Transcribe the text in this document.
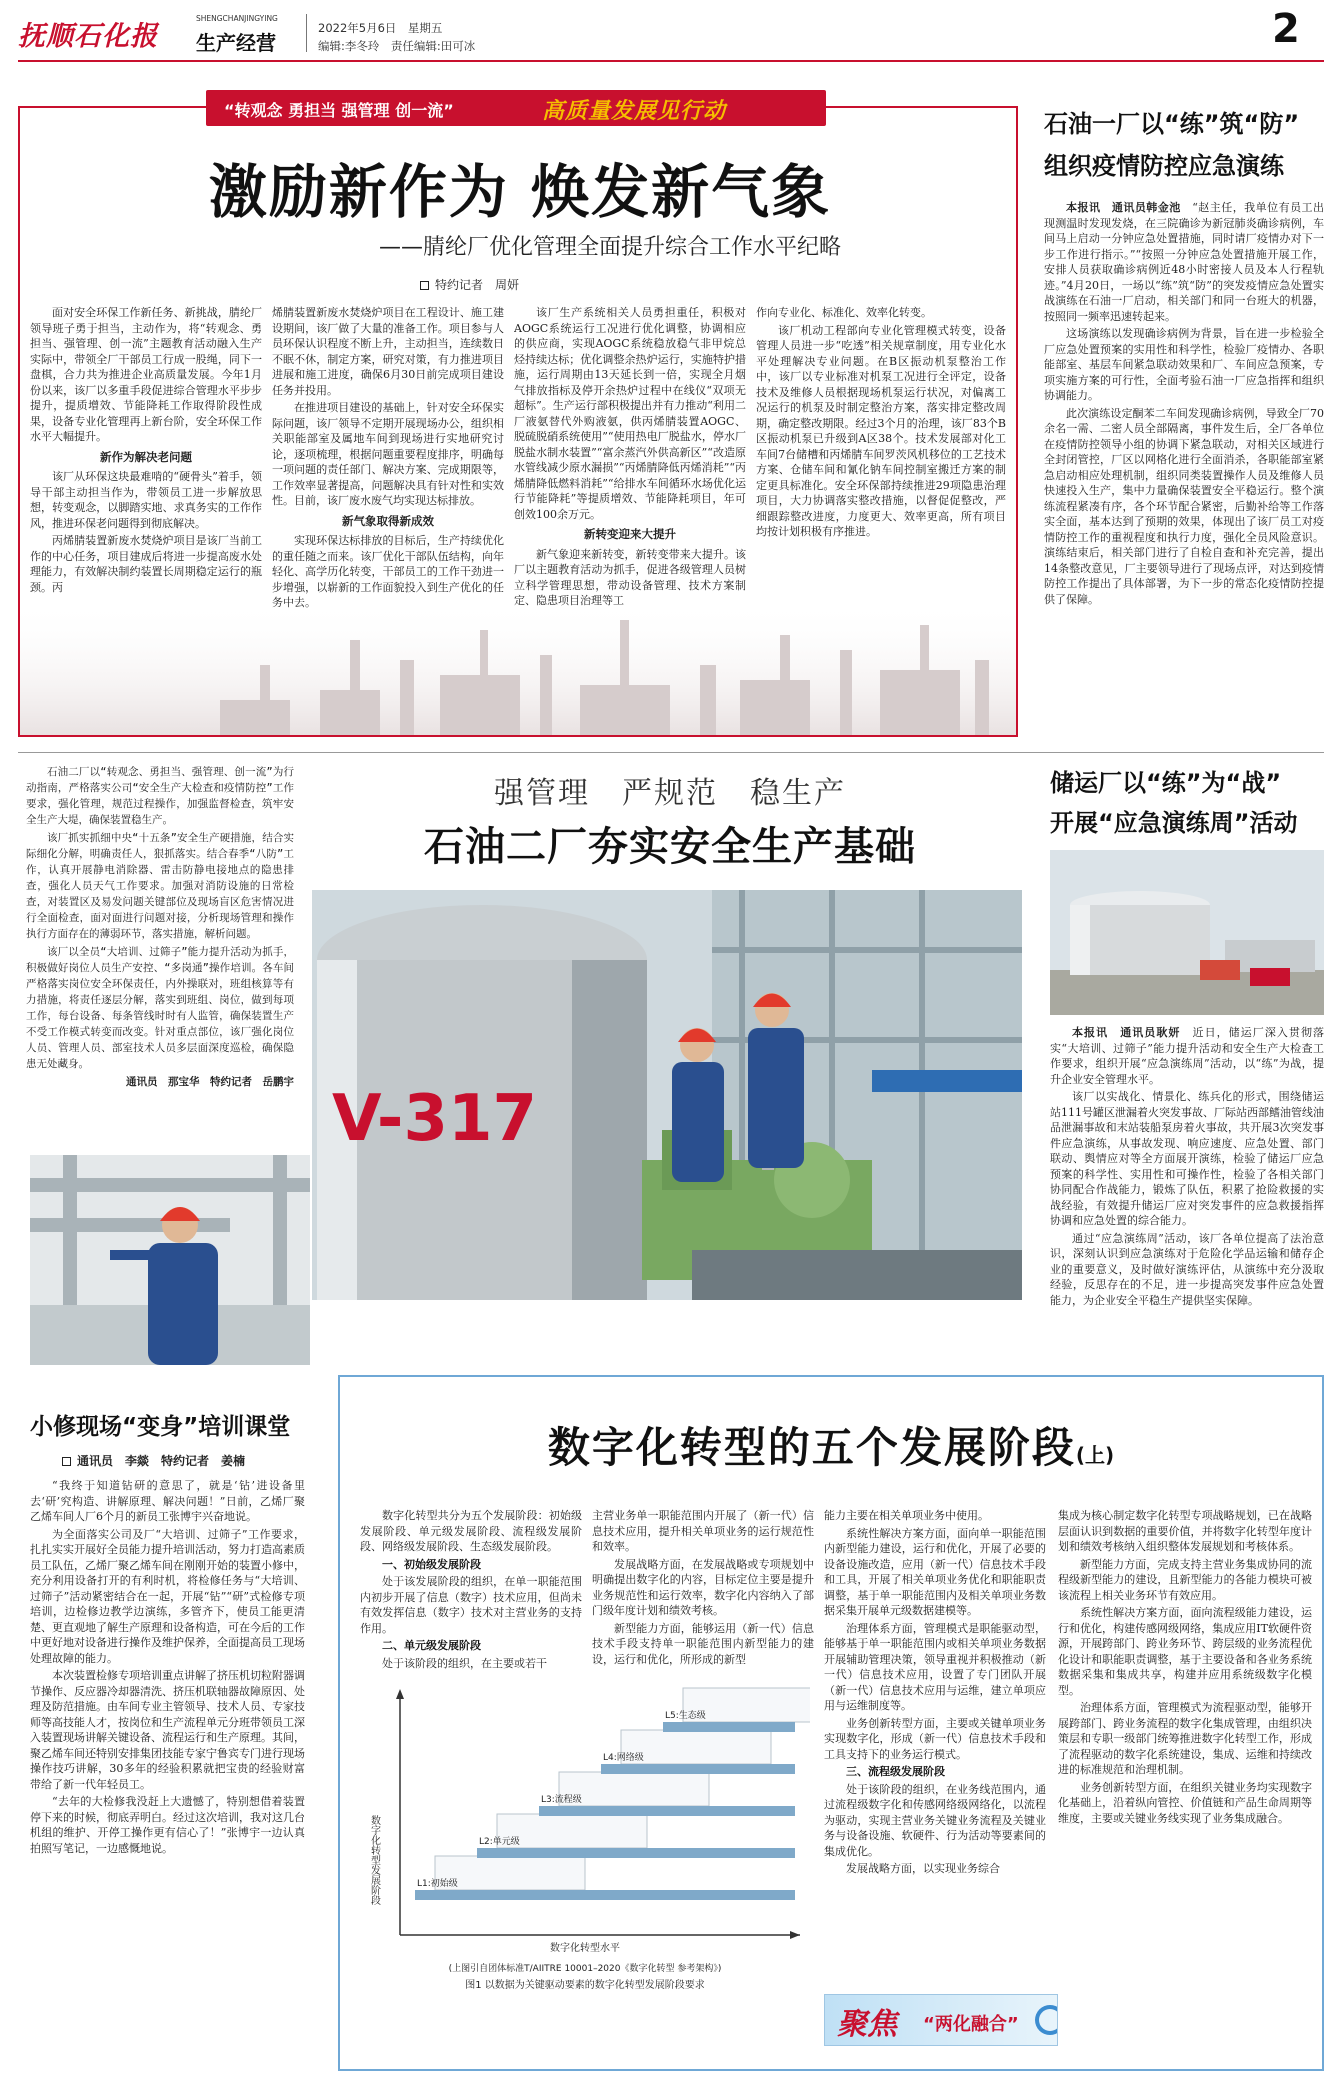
抚顺石化报
SHENGCHANJINGYING
生产经营
2022年5月6日　星期五
编辑:李冬玲　责任编辑:田可冰	2
“转观念 勇担当 强管理 创一流”	高质量发展见行动
激励新作为 焕发新气象
——腈纶厂优化管理全面提升综合工作水平纪略
特约记者　周妍

面对安全环保工作新任务、新挑战，腈纶厂领导班子勇于担当，主动作为，将“转观念、勇担当、强管理、创一流”主题教育活动融入生产实际中，带领全厂干部员工行成一股绳，同下一盘棋，合力共为推进企业高质量发展。今年1月份以来，该厂以多重手段促进综合管理水平步步提升，提质增效、节能降耗工作取得阶段性成果，设备专业化管理再上新台阶，安全环保工作水平大幅提升。

新作为解决老问题

该厂从环保这块最难啃的“硬骨头”着手，领导干部主动担当作为，带领员工进一步解放思想，转变观念，以脚踏实地、求真务实的工作作风，推进环保老问题得到彻底解决。

丙烯腈装置新废水焚烧炉项目是该厂当前工作的中心任务，项目建成后将进一步提高废水处理能力，有效解决制约装置长周期稳定运行的瓶颈。丙

烯腈装置新废水焚烧炉项目在工程设计、施工建设期间，该厂做了大量的准备工作。项目参与人员环保认识程度不断上升，主动担当，连续数日不眠不休，制定方案，研究对策，有力推进项目进展和施工进度，确保6月30日前完成项目建设任务并投用。

在推进项目建设的基础上，针对安全环保实际问题，该厂领导不定期开展现场办公，组织相关职能部室及属地车间到现场进行实地研究讨论，逐项梳理，根据问题重要程度排序，明确每一项问题的责任部门、解决方案、完成期限等，工作效率显著提高，问题解决具有针对性和实效性。目前，该厂废水废气均实现达标排放。

新气象取得新成效

实现环保达标排放的目标后，生产持续优化的重任随之而来。该厂优化干部队伍结构，向年轻化、高学历化转变，干部员工的工作干劲进一步增强，以崭新的工作面貌投入到生产优化的任

该厂生产系统相关人员勇担重任，积极对AOGC系统运行工况进行优化调整，协调相应的供应商，实现AOGC系统稳放稳气非甲烷总烃持续达标；优化调整余热炉运行，实施特护措施，运行周期由13天延长到一倍，实现全月烟气排放指标及停开余热炉过程中在线仪“双项无超标”。生产运行部积极提出并有力推动“利用二厂液氨替代外购液氨，供丙烯腈装置AOGC、脱硫脱硝系统使用”“使用热电厂脱盐水，停水厂脱盐水制水装置”“富余蒸汽外供高新区”“改造原水管线减少原水漏损”“丙烯腈降低丙烯消耗”“丙烯腈降低燃料消耗”“给排水车间循环水场优化运行节能降耗”等提质增效、节能降耗项目，年可创效100余万元。

新转变迎来大提升

新气象迎来新转变，新转变带来大提升。该厂以主题教育活动为抓手，促进各级管理人员树立科学管理思想，带动设备管理、技术方案制

作向专业化、标准化、效率化转变。

该厂机动工程部向专业化管理模式转变，设备管理人员进一步“吃透”相关规章制度，用专业化水平处理解决专业问题。在B区振动机泵整治工作中，该厂以专业标准对机泵工况进行全评定，设备技术及维修人员根据现场机泵运行状况，对偏离工况运行的机泵及时制定整治方案，落实排定整改周期，确定整改期限。经过3个月的治理，该厂83个B区振动机泵已升级到A区38个。技术发展部对化工车间7台储槽和丙烯腈车间罗茨风机移位的工艺技术方案、仓储车间和氰化钠车间控制室搬迁方案的制定更具标准化。安全环保部持续推进29项隐患治理项目，大力协调落实整改措施，以督促促整改，严细跟踪整改进度，力度更大、效率更高，所有项目均按计划积极有序推进。

石油一厂以“练”筑“防”
组织疫情防控应急演练

本报讯　通讯员韩金池　 “赵主任，我单位有员工出现测温时发现发烧，在三院确诊为新冠肺炎确诊病例，车间马上启动一分钟应急处置措施，同时请厂疫情办对下一步工作进行指示。”“按照一分钟应急处置措施开展工作，安排人员获取确诊病例近48小时密接人员及本人行程轨迹。”4月20日，一场以“练”筑“防”的突发疫情应急处置实战演练在石油一厂启动，相关部门和同一台班大的机器，按照同一频率迅速转起来。

这场演练以发现确诊病例为背景，旨在进一步检验全厂应急处置预案的实用性和科学性，检验厂疫情办、各职能部室、基层车间紧急联动效果和厂、车间应急预案，专项实施方案的可行性，全面考验石油一厂应急指挥和组织协调能力。

此次演练设定酮苯二车间发现确诊病例，导致全厂70余名一需、二密人员全部隔离，事件发生后，全厂各单位在疫情防控领导小组的协调下紧急联动，对相关区域进行全封闭管控，厂区以网格化进行全面消杀，各职能部室紧急启动相应处理机制，组织同类装置操作人员及维修人员快速投入生产，集中力量确保装置安全平稳运行。整个演练流程紧凑有序，各个环节配合紧密，后勤补给等工作落实全面，基本达到了预期的效果，体现出了该厂员工对疫情防控工作的重视程度和执行力度，强化全员风险意识。演练结束后，相关部门进行了自检自查和补充完善，提出14条整改意见，厂主要领导进行了现场点评，对达到疫情防控工作提出了具体部署，为下一步的常态化疫情防控提供了保障。

石油二厂以“转观念、勇担当、强管理、创一流”为行动指南，严格落实公司“安全生产大检查和疫情防控”工作要求，强化管理，规范过程操作，加强监督检查，筑牢安全生产大堤，确保装置稳生产。

该厂抓实抓细中央“十五条”安全生产硬措施，结合实际细化分解，明确责任人，狠抓落实。结合春季“八防”工作，认真开展静电消除器、雷击防静电接地点的隐患排查，强化人员天气工作要求。加强对消防设施的日常检查，对装置区及易发问题关键部位及现场盲区危害情况进行全面检查，面对面进行问题对接，分析现场管理和操作执行方面存在的薄弱环节，落实措施，解析问题。

该厂以全员“大培训、过筛子”能力提升活动为抓手，积极做好岗位人员生产安控、“多岗通”操作培训。各车间严格落实岗位安全环保责任，内外操联对，班组核算等有力措施，将责任逐层分解，落实到班组、岗位，做到每项工作，每台设备、每条管线时时有人监管，确保装置生产不受工作模式转变而改变。针对重点部位，该厂强化岗位人员、管理人员、部室技术人员多层面深度巡检，确保隐患无处藏身。

通讯员　那宝华　特约记者　岳鹏宇

强管理　严规范　稳生产
石油二厂夯实安全生产基础
V-317
储运厂以“练”为“战”
开展“应急演练周”活动

本报讯　通讯员耿妍　 近日，储运厂深入贯彻落实“大培训、过筛子”能力提升活动和安全生产大检查工作要求，组织开展“应急演练周”活动，以“练”为战，提升企业安全管理水平。

该厂以实战化、情景化、练兵化的形式，围绕储运站111号罐区泄漏着火突发事故、厂际站西部鳍油管线油品泄漏事故和末站装船泵房着火事故，共开展3次突发事件应急演练，从事故发现、响应速度、应急处置、部门联动、舆情应对等全方面展开演练，检验了储运厂应急预案的科学性、实用性和可操作性，检验了各相关部门协同配合作战能力，锻炼了队伍，积累了抢险救援的实战经验，有效提升储运厂应对突发事件的应急救援指挥协调和应急处置的综合能力。

通过“应急演练周”活动，该厂各单位提高了法治意识，深刻认识到应急演练对于危险化学品运输和储存企业的重要意义，及时做好演练评估，从演练中充分汲取经验，反思存在的不足，进一步提高突发事件应急处置能力，为企业安全平稳生产提供坚实保障。

小修现场“变身”培训课堂
通讯员　李燚　特约记者　姜楠

“我终于知道钻研的意思了，就是‘钻’进设备里去‘研’究构造、讲解原理、解决问题！”日前，乙烯厂聚乙烯车间人厂6个月的新员工张博宇兴奋地说。

为全面落实公司及厂“大培训、过筛子”工作要求，扎扎实实开展好全员能力提升培训活动，努力打造高素质员工队伍，乙烯厂聚乙烯车间在刚刚开始的装置小修中，充分利用设备打开的有利时机，将检修任务与“大培训、过筛子”活动紧密结合在一起，开展“钻”“研”式检修专项培训，边检修边教学边演练，多管齐下，使员工能更清楚、更直观地了解生产原理和设备构造，可在今后的工作中更好地对设备进行操作及维护保养，全面提高员工现场处理故障的能力。

本次装置检修专项培训重点讲解了挤压机切粒附器调节操作、反应器冷却器清洗、挤压机联轴器故障原因、处理及防范措施。由车间专业主管领导、技术人员、专家技师等高技能人才，按岗位和生产流程单元分班带领员工深入装置现场讲解关键设备、流程运行和生产原理。其间，聚乙烯车间还特别安排集团技能专家宁鲁宾专门进行现场操作技巧讲解，30多年的经验积累就把宝贵的经验财富带给了新一代年轻员工。

“去年的大检修我没赶上大遗憾了，特别想借着装置停下来的时候，彻底弄明白。经过这次培训，我对这几台机组的维护、开停工操作更有信心了！”张博宇一边认真拍照写笔记，一边感慨地说。

数字化转型的五个发展阶段(上)

数字化转型共分为五个发展阶段：初始级发展阶段、单元级发展阶段、流程级发展阶段、网络级发展阶段、生态级发展阶段。

一、初始级发展阶段

处于该发展阶段的组织，在单一职能范围内初步开展了信息（数字）技术应用，但尚未有效发挥信息（数字）技术对主营业务的支持作用。

二、单元级发展阶段

处于该阶段的组织，在主要或若干

主营业务单一职能范围内开展了（新一代）信息技术应用，提升相关单项业务的运行规范性和效率。

发展战略方面，在发展战略或专项规划中明确提出数字化的内容，目标定位主要是提升业务规范性和运行效率，数字化内容纳入了部门级年度计划和绩效考核。

新型能力方面，能够运用（新一代）信息技术手段支持单一职能范围内新型能力的建设，运行和优化，所形成的新型

能力主要在相关单项业务中使用。

系统性解决方案方面，面向单一职能范围内新型能力建设，运行和优化，开展了必要的设备设施改造，应用（新一代）信息技术手段和工具，开展了相关单项业务优化和职能职责调整，基于单一职能范围内及相关单项业务数据采集开展单元级数据建模等。

治理体系方面，管理模式是职能驱动型，能够基于单一职能范围内或相关单项业务数据开展辅助管理决策，领导重视并积极推动（新一代）信息技术应用，设置了专门团队开展（新一代）信息技术应用与运维，建立单项应用与运维制度等。

业务创新转型方面，主要或关键单项业务实现数字化，形成（新一代）信息技术手段和工具支持下的业务运行模式。

三、流程级发展阶段

处于该阶段的组织，在业务线范围内，通过流程级数字化和传感网络级网络化，以流程为驱动，实现主营业务关键业务流程及关键业务与设备设施、软硬件、行为活动等要素间的集成优化。

发展战略方面，以实现业务综合

集成为核心制定数字化转型专项战略规划，已在战略层面认识到数据的重要价值，并将数字化转型年度计划和绩效考核纳入组织整体发展规划和考核体系。

新型能力方面，完成支持主营业务集成协同的流程级新型能力的建设，且新型能力的各能力模块可被该流程上相关业务环节有效应用。

系统性解决方案方面，面向流程级能力建设，运行和优化，构建传感网级网络，集成应用IT软硬件资源，开展跨部门、跨业务环节、跨层级的业务流程优化设计和职能职责调整，基于主要设备和各业务系统数据采集和集成共享，构建并应用系统级数字化模型。

治理体系方面，管理模式为流程驱动型，能够开展跨部门、跨业务流程的数字化集成管理，由组织决策层和专职一级部门统筹推进数字化转型工作，形成了流程驱动的数字化系统建设，集成、运维和持续改进的标准规范和治理机制。

业务创新转型方面，在组织关键业务均实现数字化基础上，沿着纵向管控、价值链和产品生命周期等维度，主要或关键业务线实现了业务集成融合。

数字化转型发展阶段
数字化转型水平
L1:初始级
L2:单元级
L3:流程级
L4:网络级
L5:生态级
(上图引自团体标准T/AIITRE 10001–2020《数字化转型 参考架构》)
图1 以数据为关键驱动要素的数字化转型发展阶段要求
聚焦 “两化融合”
